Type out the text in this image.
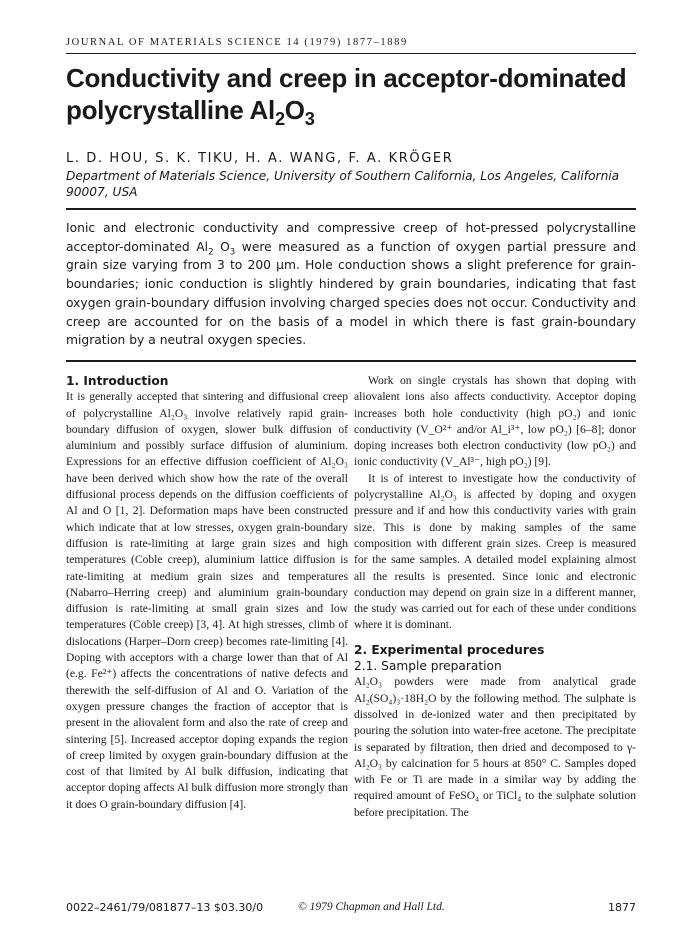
JOURNAL OF MATERIALS SCIENCE 14 (1979) 1877–1889
Conductivity and creep in acceptor-dominated
polycrystalline $Al_2O_3$
L. D. HOU, S. K. TIKU, H. A. WANG, F. A. KRÖGER
Department of Materials Science, University of Southern California, Los Angeles, California 90007, USA

Ionic and electronic conductivity and compressive creep of hot-pressed polycrystalline acceptor-dominated $Al_2$ $O_3$ were measured as a function of oxygen partial pressure and grain size varying from 3 to 200 μm. Hole conduction shows a slight preference for grain-boundaries; ionic conduction is slightly hindered by grain boundaries, indicating that fast oxygen grain-boundary diffusion involving charged species does not occur. Conductivity and creep are accounted for on the basis of a model in which there is fast grain-boundary migration by a neutral oxygen species.

1. Introduction

It is generally accepted that sintering and diffusional creep of polycrystalline Al₂O₃ involve relatively rapid grain-boundary diffusion of oxygen, slower bulk diffusion of aluminium and possibly surface diffusion of aluminium. Expressions for an effective diffusion coefficient of Al₂O₃ have been derived which show how the rate of the overall diffusional process depends on the diffusion coefficients of Al and O [1, 2]. Deformation maps have been constructed which indicate that at low stresses, oxygen grain-boundary diffusion is rate-limiting at large grain sizes and high temperatures (Coble creep), aluminium lattice diffusion is rate-limiting at medium grain sizes and temperatures (Nabarro–Herring creep) and aluminium grain-boundary diffusion is rate-limiting at small grain sizes and low temperatures (Coble creep) [3, 4]. At high stresses, climb of dislocations (Harper–Dorn creep) becomes rate-limiting [4]. Doping with acceptors with a charge lower than that of Al (e.g. Fe²⁺) affects the concentrations of native defects and therewith the self-diffusion of Al and O. Variation of the oxygen pressure changes the fraction of acceptor that is present in the aliovalent form and also the rate of creep and sintering [5]. Increased acceptor doping expands the region of creep limited by oxygen grain-boundary diffusion at the cost of that limited by Al bulk diffusion, indicating that acceptor doping affects Al bulk diffusion more strongly than it does O grain-boundary diffusion [4].

Work on single crystals has shown that doping with aliovalent ions also affects conductivity. Acceptor doping increases both hole conductivity (high pO₂) and ionic conductivity (V_O²⁺ and/or Al_i³⁺, low pO₂) [6–8]; donor doping increases both electron conductivity (low pO₂) and ionic conductivity (V_Al³⁻, high pO₂) [9].

It is of interest to investigate how the conductivity of polycrystalline Al₂O₃ is affected by doping and oxygen pressure and if and how this conductivity varies with grain size. This is done by making samples of the same composition with different grain sizes. Creep is measured for the same samples. A detailed model explaining almost all the results is presented. Since ionic and electronic conduction may depend on grain size in a different manner, the study was carried out for each of these under conditions where it is dominant.

2. Experimental procedures
2.1. Sample preparation

Al₂O₃ powders were made from analytical grade Al₂(SO₄)₃·18H₂O by the following method. The sulphate is dissolved in de-ionized water and then precipitated by pouring the solution into water-free acetone. The precipitate is separated by filtration, then dried and decomposed to γ-Al₂O₃ by calcination for 5 hours at 850° C. Samples doped with Fe or Ti are made in a similar way by adding the required amount of FeSO₄ or TiCl₄ to the sulphate solution before precipitation. The

0022–2461/79/081877–13 $03.30/0	© 1979 Chapman and Hall Ltd.	1877
